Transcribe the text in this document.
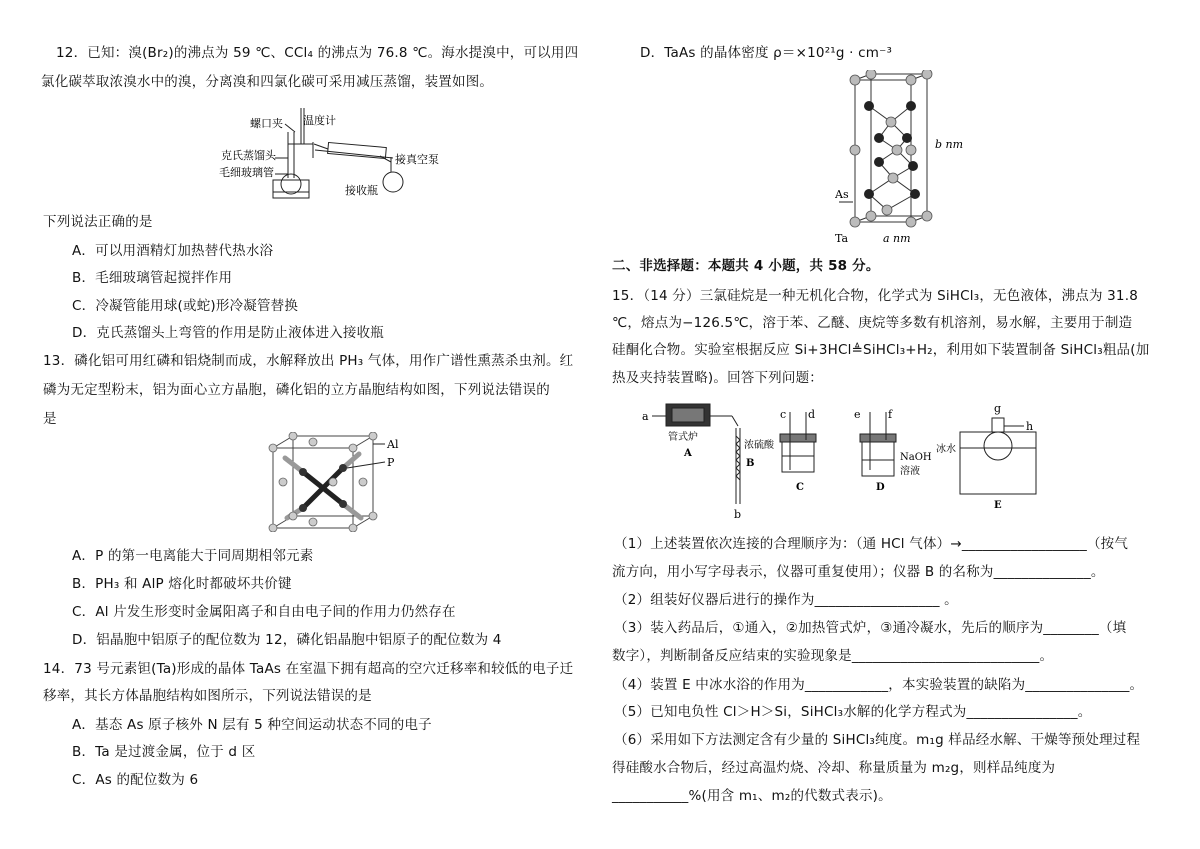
12．已知：溴(Br₂)的沸点为 59 ℃、CCl₄ 的沸点为 76.8 ℃。海水提溴中，可以用四
氯化碳萃取浓溴水中的溴，分离溴和四氯化碳可采用减压蒸馏，装置如图。
螺口夹 温度计
克氏蒸馏头
毛细玻璃管
接真空泵
接收瓶
下列说法正确的是
A．可以用酒精灯加热替代热水浴
B．毛细玻璃管起搅拌作用
C．冷凝管能用球(或蛇)形冷凝管替换
D．克氏蒸馏头上弯管的作用是防止液体进入接收瓶
13．磷化铝可用红磷和铝烧制而成，水解释放出 PH₃ 气体，用作广谱性熏蒸杀虫剂。红
磷为无定型粉末，铝为面心立方晶胞，磷化铝的立方晶胞结构如图，下列说法错误的
是
Al
P
A．P 的第一电离能大于同周期相邻元素
B．PH₃ 和 AlP 熔化时都破坏共价键
C．Al 片发生形变时金属阳离子和自由电子间的作用力仍然存在
D．铝晶胞中铝原子的配位数为 12，磷化铝晶胞中铝原子的配位数为 4
14．73 号元素钽(Ta)形成的晶体 TaAs 在室温下拥有超高的空穴迁移率和较低的电子迁
移率，其长方体晶胞结构如图所示，下列说法错误的是
A．基态 As 原子核外 N 层有 5 种空间运动状态不同的电子
B．Ta 是过渡金属，位于 d 区
C．As 的配位数为 6
D．TaAs 的晶体密度 ρ＝×10²¹g · cm⁻³
b nm
As
Ta	a nm
二、非选择题：本题共 4 小题，共 58 分。
15．（14 分）三氯硅烷是一种无机化合物，化学式为 SiHCl₃，无色液体，沸点为 31.8
℃，熔点为−126.5℃，溶于苯、乙醚、庚烷等多数有机溶剂，易水解，主要用于制造
硅酮化合物。实验室根据反应 Si+3HCl≜SiHCl₃+H₂，利用如下装置制备 SiHCl₃粗品(加
热及夹持装置略)。回答下列问题：
a
管式炉
A
B
b
c d
浓硫酸
C
e f
NaOH
溶液
D
g
h
冰水
E
（1）上述装置依次连接的合理顺序为：（通 HCl 气体）→__________________（按气
流方向，用小写字母表示，仪器可重复使用）；仪器 B 的名称为______________。
（2）组装好仪器后进行的操作为__________________ 。
（3）装入药品后，①通入，②加热管式炉，③通冷凝水，先后的顺序为________（填
数字），判断制备反应结束的实验现象是___________________________。
（4）装置 E 中冰水浴的作用为____________，本实验装置的缺陷为_______________。
（5）已知电负性 Cl＞H＞Si，SiHCl₃水解的化学方程式为________________。
（6）采用如下方法测定含有少量的 SiHCl₃纯度。m₁g 样品经水解、干燥等预处理过程
得硅酸水合物后，经过高温灼烧、冷却、称量质量为 m₂g，则样品纯度为
___________%(用含 m₁、m₂的代数式表示)。
